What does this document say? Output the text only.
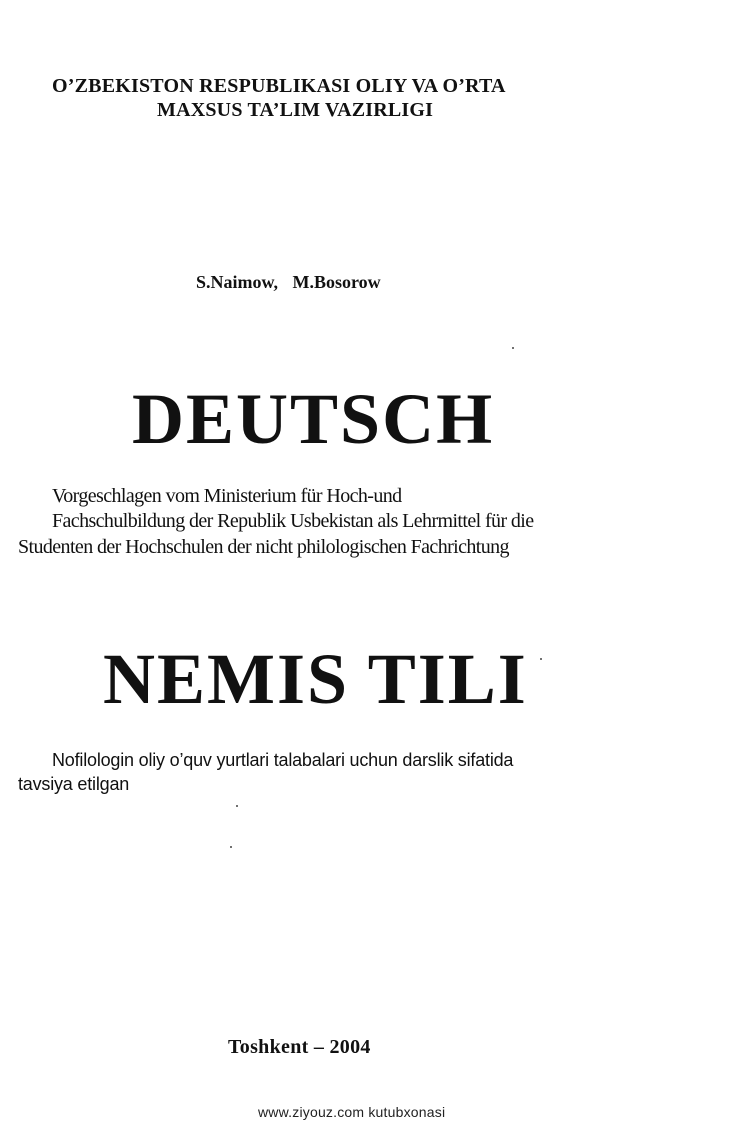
O’ZBEKISTON RESPUBLIKASI OLIY VA O’RTA
MAXSUS TA’LIM VAZIRLIGI
S.Naimow, M.Bosorow
DEUTSCH
Vorgeschlagen vom Ministerium für Hoch-und
Fachschulbildung der Republik Usbekistan als Lehrmittel für die
Studenten der Hochschulen der nicht philologischen Fachrichtung
NEMIS TILI
Nofilologin oliy o’quv yurtlari talabalari uchun darslik sifatida
tavsiya etilgan
Toshkent – 2004
www.ziyouz.com kutubxonasi
